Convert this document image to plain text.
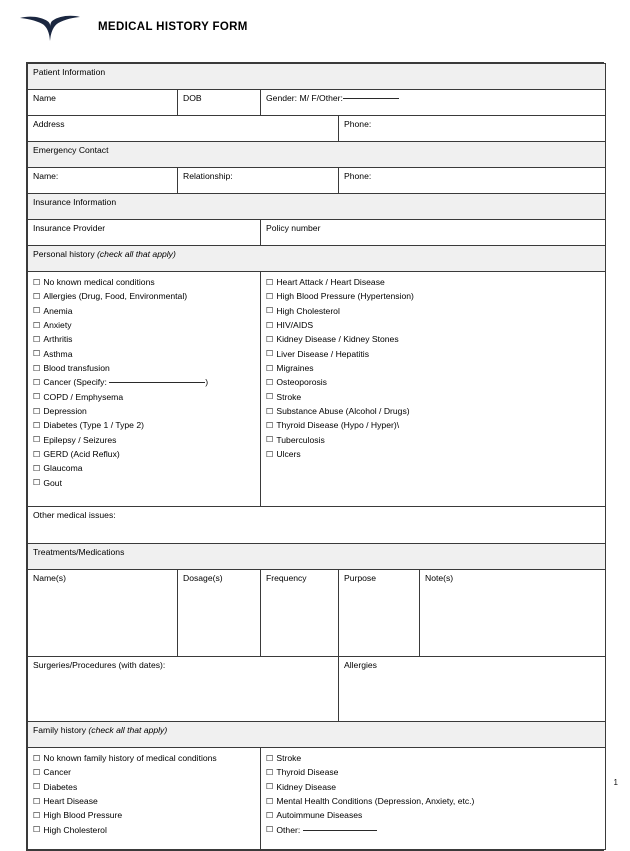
MEDICAL HISTORY FORM
Patient Information				
Name	DOB	Gender: M/ F/Other:		
Address			Phone:	
Emergency Contact				
Name:	Relationship:		Phone:	
Insurance Information				
Insurance Provider		Policy number		
Personal history (check all that apply)				

☐ No known medical conditions
☐ Allergies (Drug, Food, Environmental)
☐ Anemia
☐ Anxiety
☐ Arthritis
☐ Asthma
☐ Blood transfusion
☐ Cancer (Specify:	)
☐ COPD / Emphysema
☐ Depression
☐ Diabetes (Type 1 / Type 2)
☐ Epilepsy / Seizures
☐ GERD (Acid Reflux)
☐ Glaucoma
☐ Gout

☐ Heart Attack / Heart Disease
☐ High Blood Pressure (Hypertension)
☐ High Cholesterol
☐ HIV/AIDS
☐ Kidney Disease / Kidney Stones
☐ Liver Disease / Hepatitis
☐ Migraines
☐ Osteoporosis
☐ Stroke
☐ Substance Abuse (Alcohol / Drugs)
☐ Thyroid Disease (Hypo / Hyper)\
☐ Tuberculosis
☐ Ulcers

Other medical issues:				
Treatments/Medications				
Name(s)	Dosage(s)	Frequency	Purpose	Note(s)
Surgeries/Procedures (with dates):			Allergies	
Family history (check all that apply)				

☐ No known family history of medical conditions
☐ Cancer
☐ Diabetes
☐ Heart Disease
☐ High Blood Pressure
☐ High Cholesterol

☐ Stroke
☐ Thyroid Disease
☐ Kidney Disease
☐ Mental Health Conditions (Depression, Anxiety, etc.)
☐ Autoimmune Diseases
☐ Other:
1
